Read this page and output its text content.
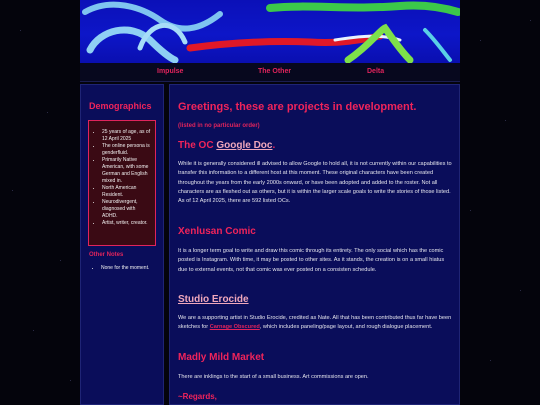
Impulse	The Other	Delta
Demographics
• 25 years of age, as of 12 April 2025
• The online persona is genderfluid.
• Primarily Native American, with some German and English mixed in.
• North American Resident.
• Neurodivergent, diagnosed with ADHD.
• Artist, writer, creator.
Other Notes
• None for the moment.
Greetings, these are projects in development.
(listed in no particular order)
The OC Google Doc.

While it is generally considered ill advised to allow Google to hold all, it is not currently within our capabilities to transfer this information to a different host at this moment. These original characters have been created throughout the years from the early 2000s onward, or have been adopted and added to the roster. Not all characters are as fleshed out as others, but it is within the larger scale goals to write the stories of those listed. As of 12 April 2025, there are 592 listed OCs.

Xenlusan Comic

It is a longer term goal to write and draw this comic through its entirety. The only social which has the comic posted is Instagram. With time, it may be posted to other sites. As it stands, the creation is on a small hiatus due to external events, not that comic was ever posted on a consisten schedule.

Studio Erocide

We are a supporting artist in Studio Erocide, credited as Nate. All that has been contributed thus far have been sketches for Carnage Obscured, which includes paneling/page layout, and rough dialogue placement.

Madly Mild Market

There are inklings to the start of a small business. Art commissions are open.

~Regards,
